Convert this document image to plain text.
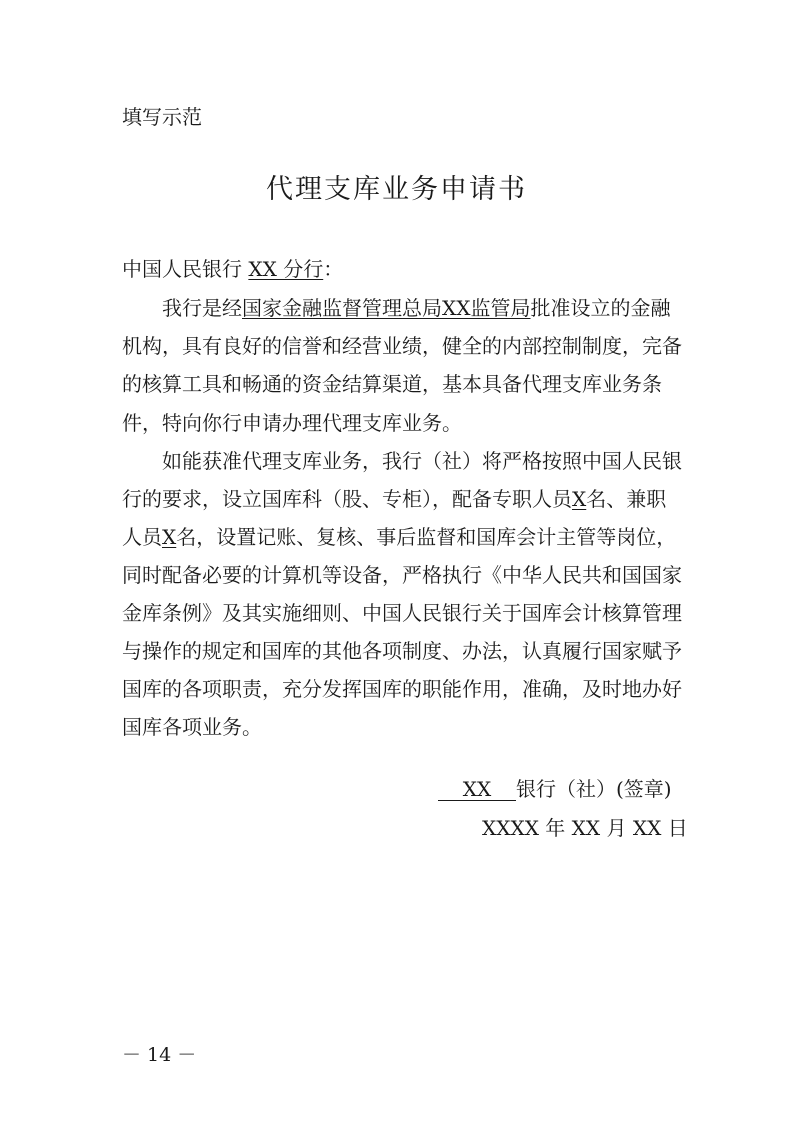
填写示范
代理支库业务申请书
中国人民银行 XX 分行：
我行是经国家金融监督管理总局XX监管局批准设立的金融
机构，具有良好的信誉和经营业绩，健全的内部控制制度，完备
的核算工具和畅通的资金结算渠道，基本具备代理支库业务条
件，特向你行申请办理代理支库业务。
如能获准代理支库业务，我行（社）将严格按照中国人民银
行的要求，设立国库科（股、专柜），配备专职人员X名、兼职
人员X名，设置记账、复核、事后监督和国库会计主管等岗位，
同时配备必要的计算机等设备，严格执行《中华人民共和国国家
金库条例》及其实施细则、中国人民银行关于国库会计核算管理
与操作的规定和国库的其他各项制度、办法，认真履行国家赋予
国库的各项职责，充分发挥国库的职能作用，准确，及时地办好
国库各项业务。
XX 银行（社）(签章)
XXXX 年 XX 月 XX 日
－ 14 －
